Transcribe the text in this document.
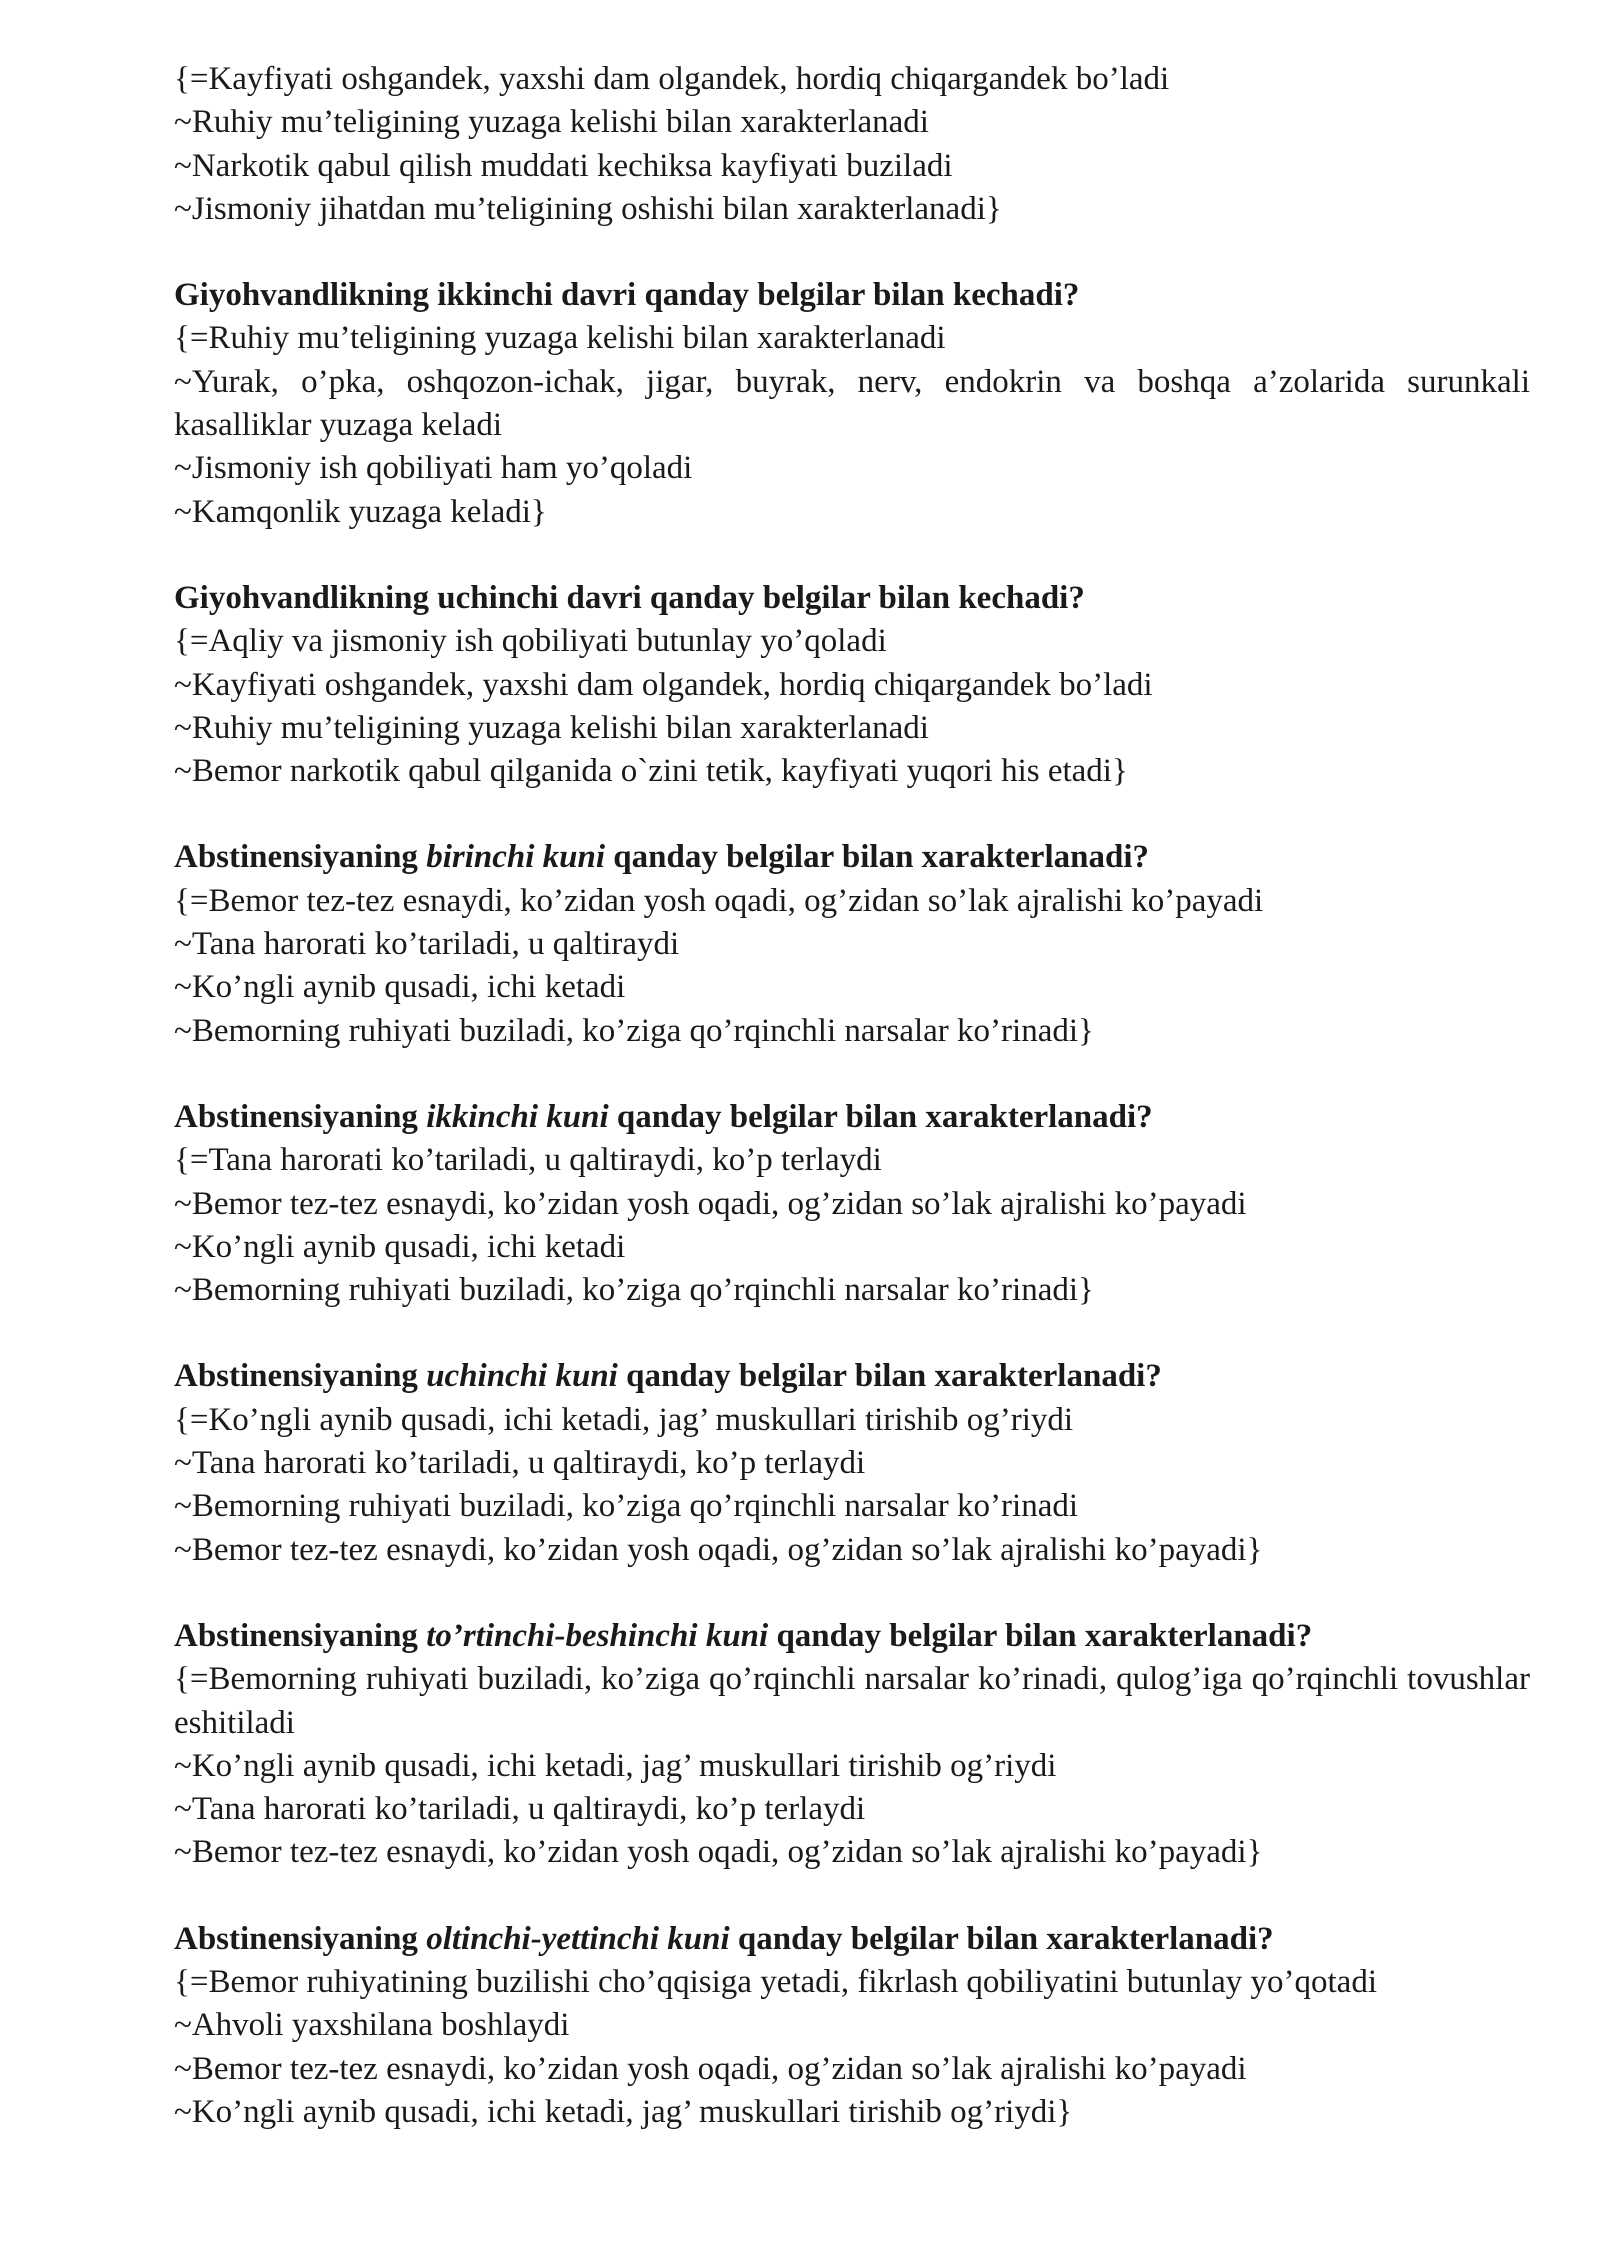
{=Kayfiyati oshgandek, yaxshi dam olgandek, hordiq chiqargandek bo’ladi

~Ruhiy mu’teligining yuzaga kelishi bilan xarakterlanadi

~Narkotik qabul qilish muddati kechiksa kayfiyati buziladi

~Jismoniy jihatdan mu’teligining oshishi bilan xarakterlanadi}

Giyohvandlikning ikkinchi davri qanday belgilar bilan kechadi?

{=Ruhiy mu’teligining yuzaga kelishi bilan xarakterlanadi

~Yurak, o’pka, oshqozon-ichak, jigar, buyrak, nerv, endokrin va boshqa a’zolarida surunkali kasalliklar yuzaga keladi

~Jismoniy ish qobiliyati ham yo’qoladi

~Kamqonlik yuzaga keladi}

Giyohvandlikning uchinchi davri qanday belgilar bilan kechadi?

{=Aqliy va jismoniy ish qobiliyati butunlay yo’qoladi

~Kayfiyati oshgandek, yaxshi dam olgandek, hordiq chiqargandek bo’ladi

~Ruhiy mu’teligining yuzaga kelishi bilan xarakterlanadi

~Bemor narkotik qabul qilganida o`zini tetik, kayfiyati yuqori his etadi}

Abstinensiyaning birinchi kuni qanday belgilar bilan xarakterlanadi?

{=Bemor tez-tez esnaydi, ko’zidan yosh oqadi, og’zidan so’lak ajralishi ko’payadi

~Tana harorati ko’tariladi, u qaltiraydi

~Ko’ngli aynib qusadi, ichi ketadi

~Bemorning ruhiyati buziladi, ko’ziga qo’rqinchli narsalar ko’rinadi}

Abstinensiyaning ikkinchi kuni qanday belgilar bilan xarakterlanadi?

{=Tana harorati ko’tariladi, u qaltiraydi, ko’p terlaydi

~Bemor tez-tez esnaydi, ko’zidan yosh oqadi, og’zidan so’lak ajralishi ko’payadi

~Ko’ngli aynib qusadi, ichi ketadi

~Bemorning ruhiyati buziladi, ko’ziga qo’rqinchli narsalar ko’rinadi}

Abstinensiyaning uchinchi kuni qanday belgilar bilan xarakterlanadi?

{=Ko’ngli aynib qusadi, ichi ketadi, jag’ muskullari tirishib og’riydi

~Tana harorati ko’tariladi, u qaltiraydi, ko’p terlaydi

~Bemorning ruhiyati buziladi, ko’ziga qo’rqinchli narsalar ko’rinadi

~Bemor tez-tez esnaydi, ko’zidan yosh oqadi, og’zidan so’lak ajralishi ko’payadi}

Abstinensiyaning to’rtinchi-beshinchi kuni qanday belgilar bilan xarakterlanadi?

{=Bemorning ruhiyati buziladi, ko’ziga qo’rqinchli narsalar ko’rinadi, qulog’iga qo’rqinchli tovushlar eshitiladi

~Ko’ngli aynib qusadi, ichi ketadi, jag’ muskullari tirishib og’riydi

~Tana harorati ko’tariladi, u qaltiraydi, ko’p terlaydi

~Bemor tez-tez esnaydi, ko’zidan yosh oqadi, og’zidan so’lak ajralishi ko’payadi}

Abstinensiyaning oltinchi-yettinchi kuni qanday belgilar bilan xarakterlanadi?

{=Bemor ruhiyatining buzilishi cho’qqisiga yetadi, fikrlash qobiliyatini butunlay yo’qotadi

~Ahvoli yaxshilana boshlaydi

~Bemor tez-tez esnaydi, ko’zidan yosh oqadi, og’zidan so’lak ajralishi ko’payadi

~Ko’ngli aynib qusadi, ichi ketadi, jag’ muskullari tirishib og’riydi}
